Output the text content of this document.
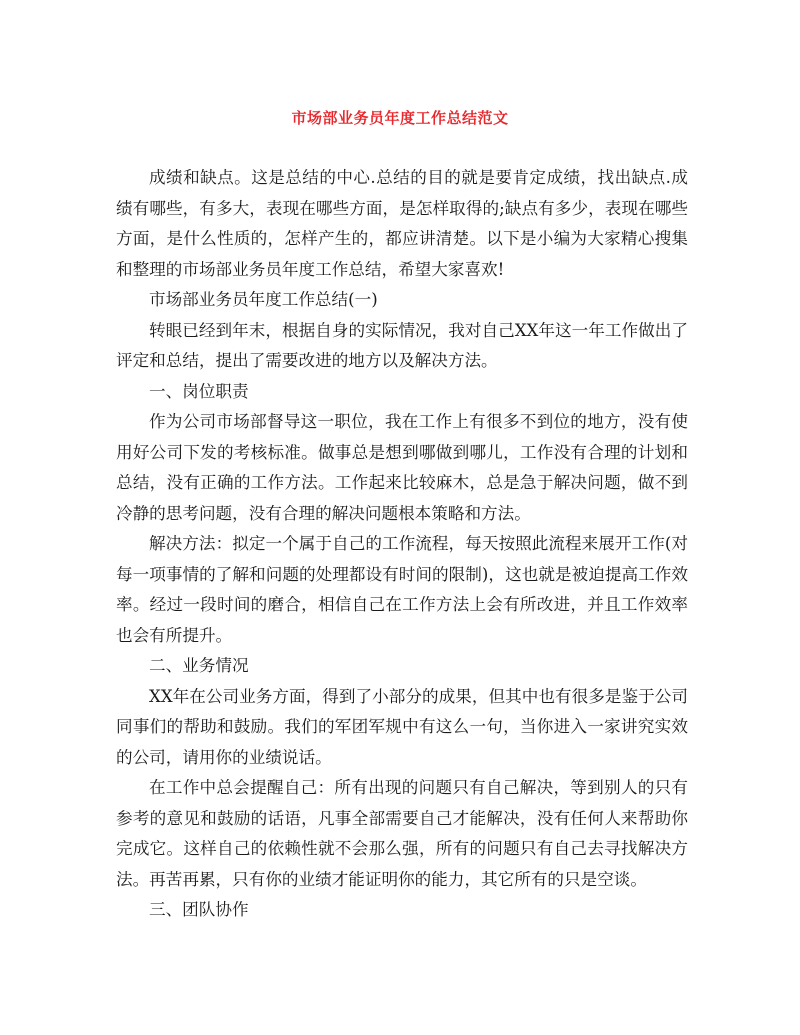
市场部业务员年度工作总结范文

成绩和缺点。这是总结的中心.总结的目的就是要肯定成绩，找出缺点.成绩有哪些，有多大，表现在哪些方面，是怎样取得的;缺点有多少，表现在哪些方面，是什么性质的，怎样产生的，都应讲清楚。以下是小编为大家精心搜集和整理的市场部业务员年度工作总结，希望大家喜欢!

市场部业务员年度工作总结(一)

转眼已经到年末，根据自身的实际情况，我对自己XX年这一年工作做出了评定和总结，提出了需要改进的地方以及解决方法。

一、岗位职责

作为公司市场部督导这一职位，我在工作上有很多不到位的地方，没有使用好公司下发的考核标准。做事总是想到哪做到哪儿，工作没有合理的计划和总结，没有正确的工作方法。工作起来比较麻木，总是急于解决问题，做不到冷静的思考问题，没有合理的解决问题根本策略和方法。

解决方法：拟定一个属于自己的工作流程，每天按照此流程来展开工作(对每一项事情的了解和问题的处理都设有时间的限制)，这也就是被迫提高工作效率。经过一段时间的磨合，相信自己在工作方法上会有所改进，并且工作效率也会有所提升。

二、业务情况

XX年在公司业务方面，得到了小部分的成果，但其中也有很多是鉴于公司同事们的帮助和鼓励。我们的军团军规中有这么一句，当你进入一家讲究实效的公司，请用你的业绩说话。

在工作中总会提醒自己：所有出现的问题只有自己解决，等到别人的只有参考的意见和鼓励的话语，凡事全部需要自己才能解决，没有任何人来帮助你完成它。这样自己的依赖性就不会那么强，所有的问题只有自己去寻找解决方法。再苦再累，只有你的业绩才能证明你的能力，其它所有的只是空谈。

三、团队协作
